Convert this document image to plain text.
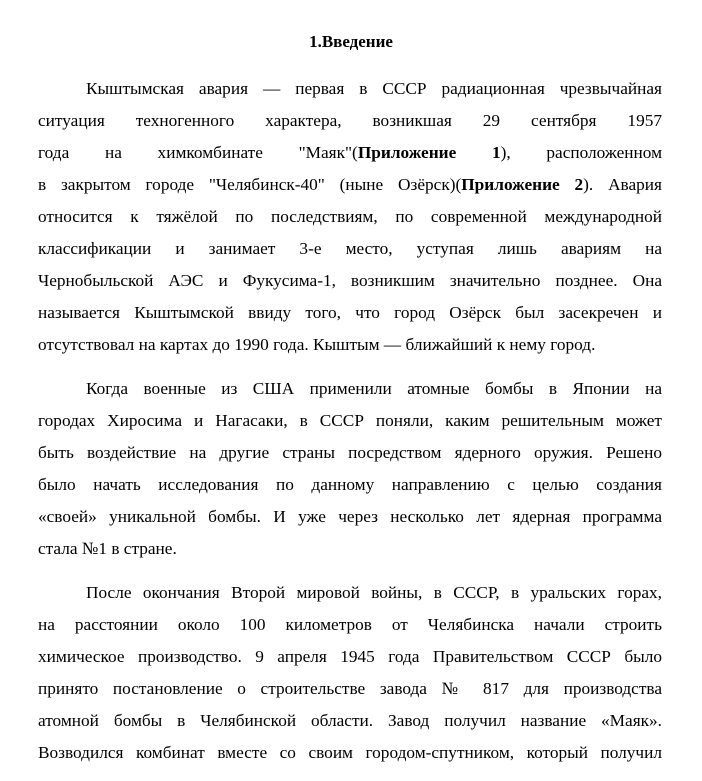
1.Введение
Кыштымская авария — первая в СССР радиационная чрезвычайная
ситуация техногенного характера, возникшая 29 сентября 1957
года на химкомбинате "Маяк"(Приложение 1), расположенном
в закрытом городе "Челябинск-40" (ныне Озёрск)(Приложение 2). Авария
относится к тяжёлой по последствиям, по современной международной
классификации и занимает 3-е место, уступая лишь авариям на
Чернобыльской АЭС и Фукусима-1, возникшим значительно позднее. Она
называется Кыштымской ввиду того, что город Озёрск был засекречен и
отсутствовал на картах до 1990 года. Кыштым — ближайший к нему город.
Когда военные из США применили атомные бомбы в Японии на
городах Хиросима и Нагасаки, в СССР поняли, каким решительным может
быть воздействие на другие страны посредством ядерного оружия. Решено
было начать исследования по данному направлению с целью создания
«своей» уникальной бомбы. И уже через несколько лет ядерная программа
стала №1 в стране.
После окончания Второй мировой войны, в СССР, в уральских горах,
на расстоянии около 100 километров от Челябинска начали строить
химическое производство. 9 апреля 1945 года Правительством СССР было
принято постановление о строительстве завода № 817 для производства
атомной бомбы в Челябинской области. Завод получил название «Маяк».
Возводился комбинат вместе со своим городом-спутником, который получил
